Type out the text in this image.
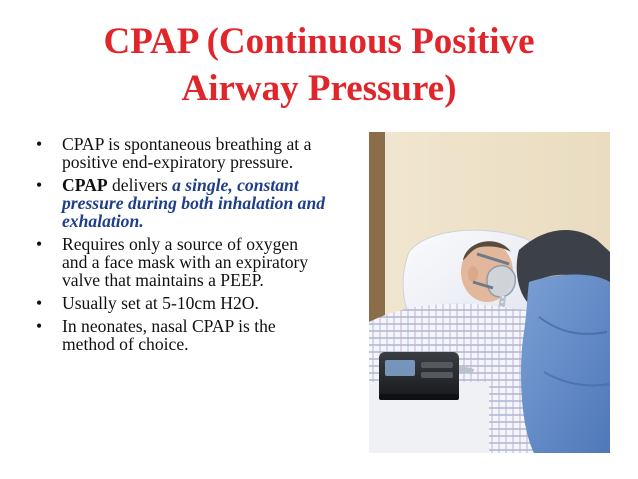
CPAP (Continuous Positive
Airway Pressure)
• CPAP is spontaneous breathing at a positive end-expiratory pressure.
• CPAP delivers a single, constant pressure during both inhalation and exhalation.
• Requires only a source of oxygen and a face mask with an expiratory valve that maintains a PEEP.
• Usually set at 5-10cm H2O.
• In neonates, nasal CPAP is the method of choice.
